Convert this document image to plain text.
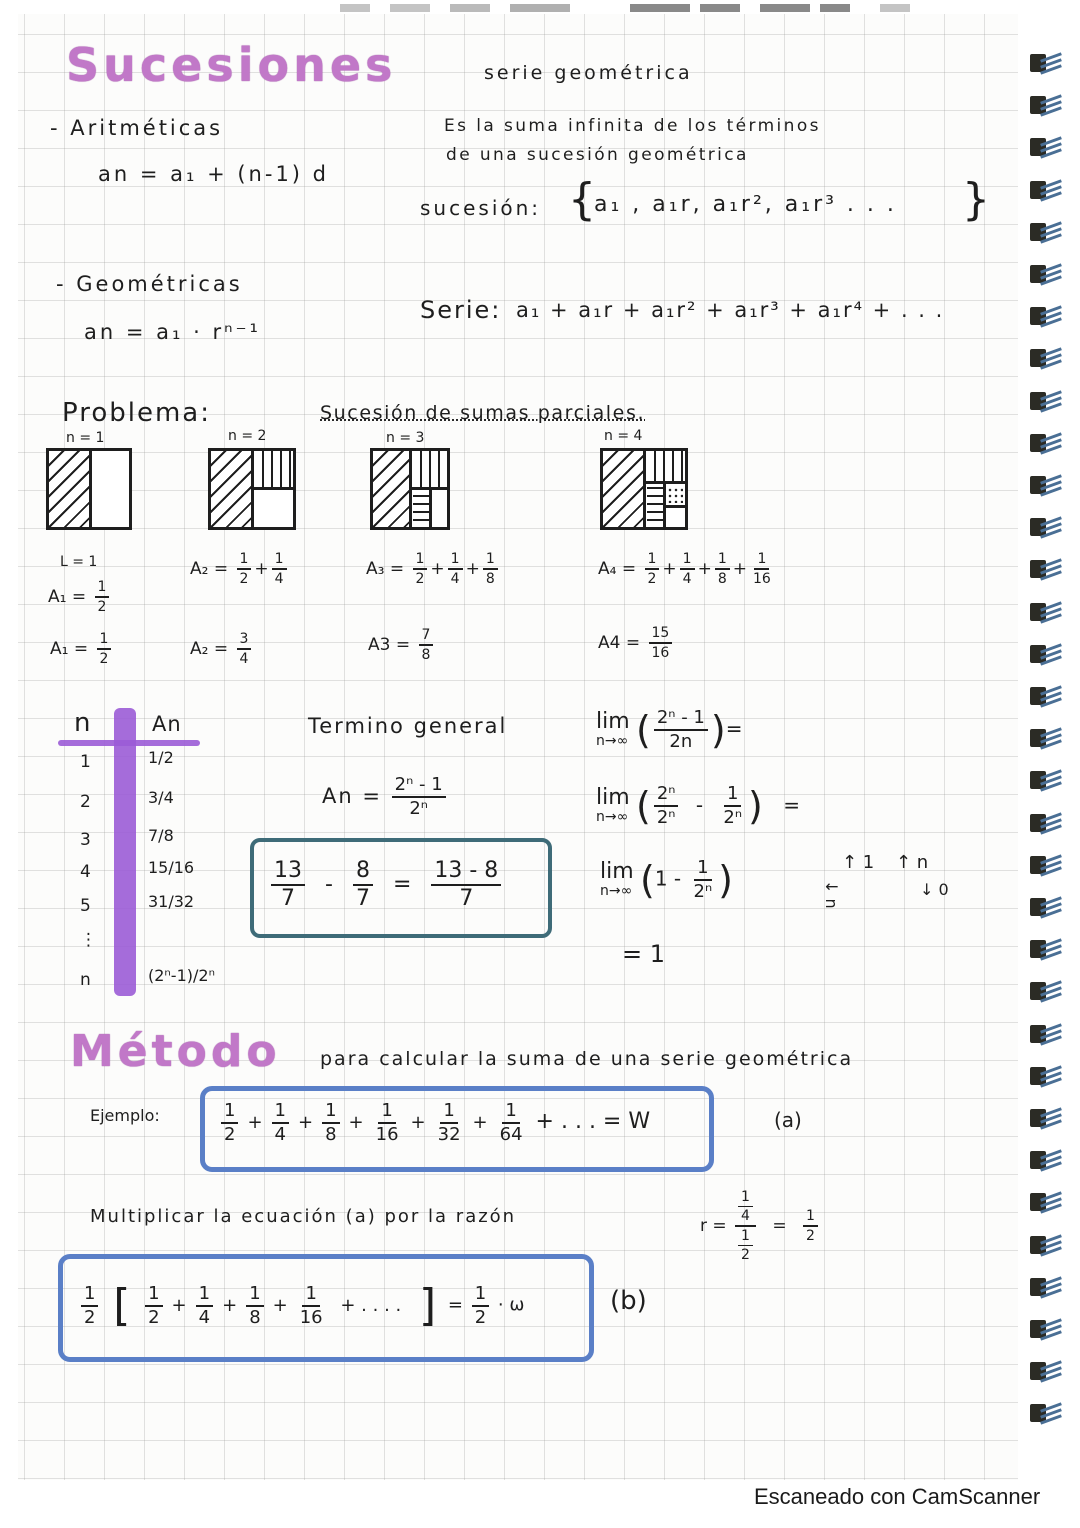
Sucesiones	serie geométrica
- Aritméticas
an = a₁ + (n-1) d
- Geométricas
an = a₁ · rⁿ⁻¹
Es la suma infinita de los términos
de una sucesión geométrica
sucesión: {
a₁ , a₁r, a₁r², a₁r³ . . . }
Serie: a₁ + a₁r + a₁r² + a₁r³ + a₁r⁴ + . . .
Problema:	Sucesión de sumas parciales.
n = 1	n = 2	n = 3	n = 4
L = 1
$A_1 = \frac{1}{2}$
$A_2 = \frac{1}{2} + \frac{1}{4}$	$A_3 = \frac{1}{2} + \frac{1}{4} + \frac{1}{8}$	$A_4 = \frac{1}{2} + \frac{1}{4} + \frac{1}{8} + \frac{1}{16}$
$A_1 = \frac{1}{2}$	$A_2 = \frac{3}{4}$	$A3 = \frac{7}{8}$	$A4 = \frac{15}{16}$
n	An
1	1/2
2	3/4
3	7/8
4	15/16
5	31/32
⋮
n	(2ⁿ-1)/2ⁿ
Termino general
$An = \frac{\text{2ⁿ - 1}}{\text{2ⁿ}}$
$\frac{13}{7} - \frac{8}{7} = \frac{13 - 8}{7}$
lim
n→∞ ( $\frac{\text{2ⁿ - 1}}{2n}$ )=
lim
n→∞ ( $\frac{\text{2ⁿ}}{\text{2ⁿ}} - \frac{1}{\text{2ⁿ}}$ ) =
lim
n→∞ ($1 - \frac{1}{\text{2ⁿ}}$ )	↓ n
↑ 1 ↑ n
↓ 0
= 1
Método para calcular la suma de una serie geométrica
Ejemplo:	$\frac{1}{2} + \frac{1}{4} + \frac{1}{8} + \frac{1}{16} + \frac{1}{32} + \frac{1}{64}$ + . . . = W	(a)
Multiplicar la ecuación (a) por la razón	$r = \frac{\frac{1}{4}}{\frac{1}{2}} = \frac{1}{2}$
$\frac{1}{2}$ [ $\frac{1}{2} + \frac{1}{4} + \frac{1}{8} + \frac{1}{16}$ + . . . . ] = $\frac{1}{2} \cdot \omega$	(b)
Escaneado con CamScanner
